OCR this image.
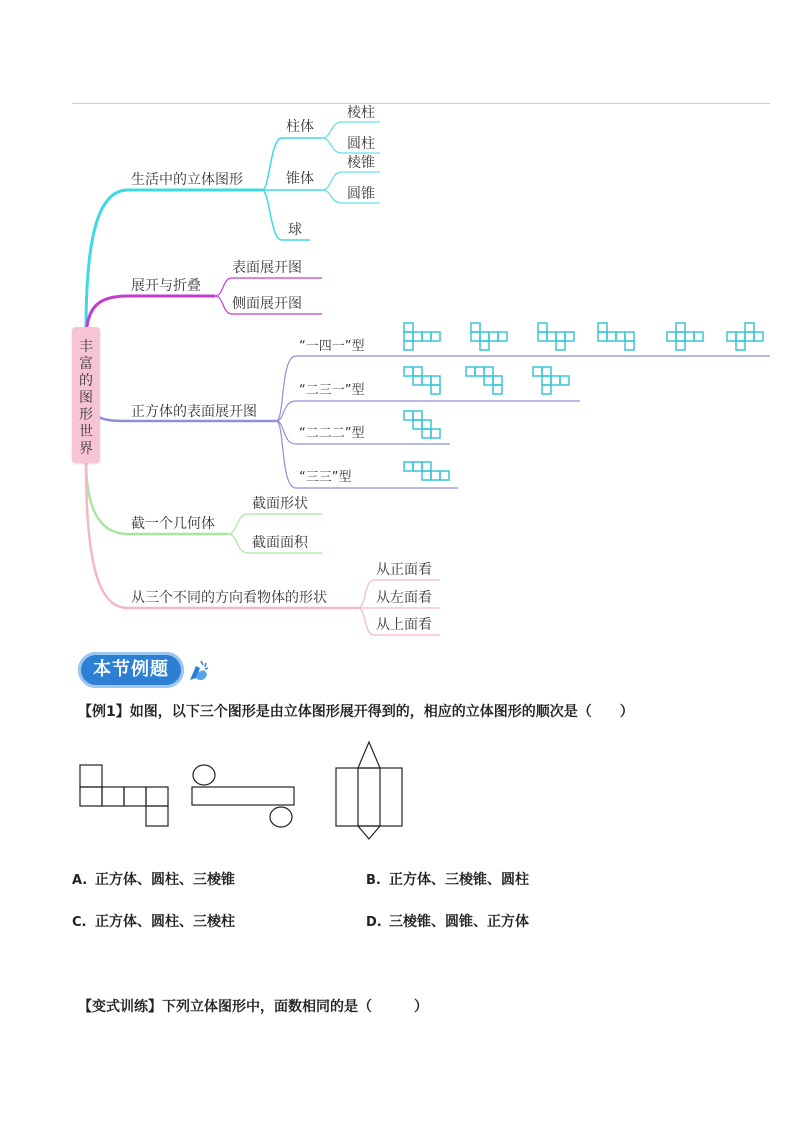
丰
富
的
图
形
世
界
生活中的立体图形
柱体
棱柱
圆柱
锥体
棱锥
圆锥
球
展开与折叠
表面展开图
侧面展开图
正方体的表面展开图
“一四一”型
“二三一”型
“二二二”型
“三三”型
截一个几何体
截面形状
截面面积
从三个不同的方向看物体的形状
从正面看
从左面看
从上面看
本节例题
【例1】如图，以下三个图形是由立体图形展开得到的，相应的立体图形的顺次是（　　）
A. 正方体、圆柱、三棱锥	B. 正方体、三棱锥、圆柱
C. 正方体、圆柱、三棱柱	D. 三棱锥、圆锥、正方体
【变式训练】下列立体图形中，面数相同的是（　　　）
